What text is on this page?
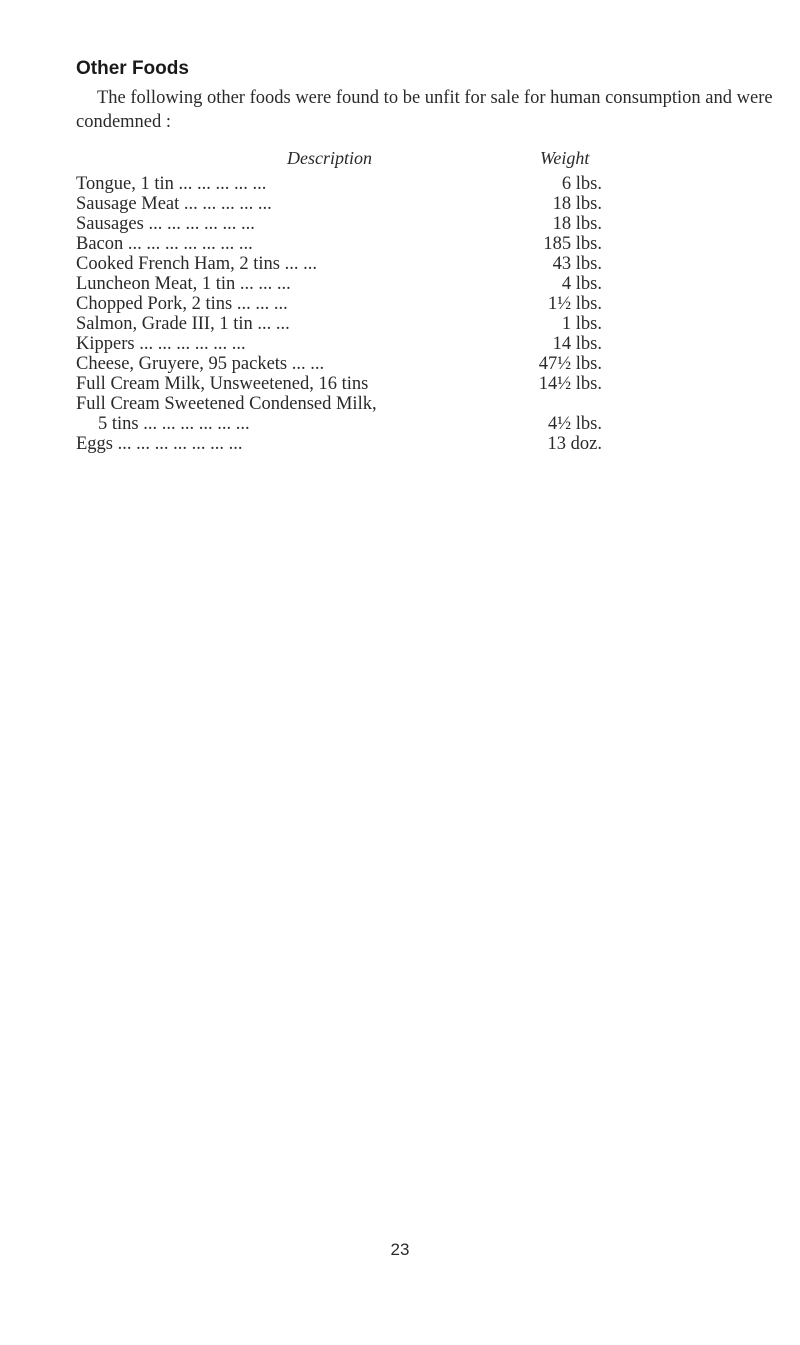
Other Foods

The following other foods were found to be unfit for sale for human consumption and were condemned :

Description	Weight
Tongue, 1 tin ... ... ... ... ...	6 lbs.
Sausage Meat ... ... ... ... ...	18 lbs.
Sausages ... ... ... ... ... ...	18 lbs.
Bacon ... ... ... ... ... ... ...	185 lbs.
Cooked French Ham, 2 tins ... ...	43 lbs.
Luncheon Meat, 1 tin ... ... ...	4 lbs.
Chopped Pork, 2 tins ... ... ...	1½ lbs.
Salmon, Grade III, 1 tin ... ...	1 lbs.
Kippers ... ... ... ... ... ...	14 lbs.
Cheese, Gruyere, 95 packets ... ...	47½ lbs.
Full Cream Milk, Unsweetened, 16 tins	14½ lbs.
Full Cream Sweetened Condensed Milk,
5 tins ... ... ... ... ... ...	4½ lbs.
Eggs ... ... ... ... ... ... ...	13 doz.
23
